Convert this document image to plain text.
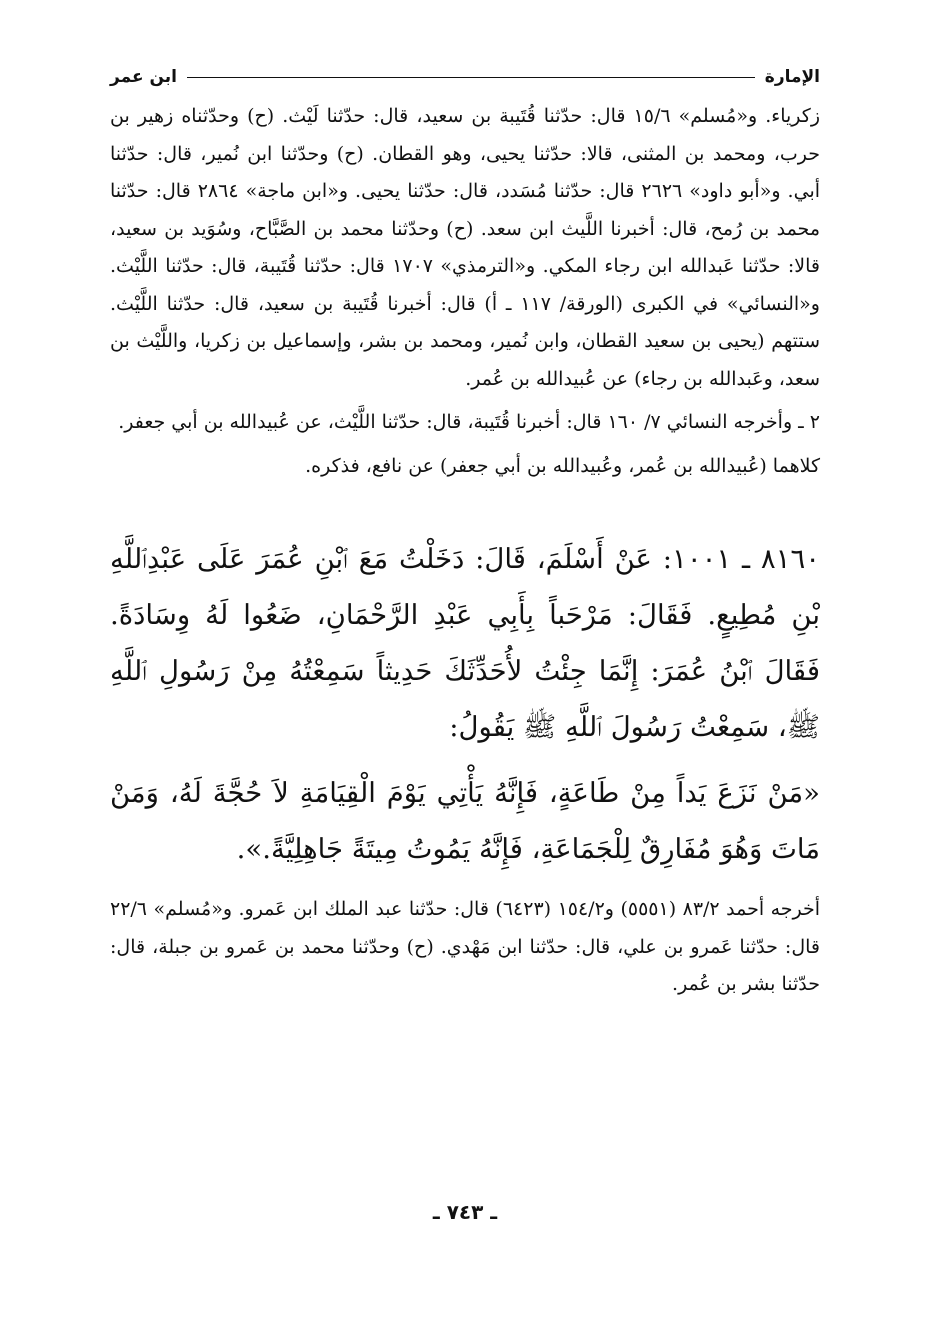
الإمارة
ابن عمر

زكرياء. و«مُسلم» ١٥/٦ قال: حدّثنا قُتَيبة بن سعيد، قال: حدّثنا لَيْث. (ح) وحدّثناه زهير بن حرب، ومحمد بن المثنى، قالا: حدّثنا يحيى، وهو القطان. (ح) وحدّثنا ابن نُمير، قال: حدّثنا أبي. و«أبو داود» ٢٦٢٦ قال: حدّثنا مُسَدد، قال: حدّثنا يحيى. و«ابن ماجة» ٢٨٦٤ قال: حدّثنا محمد بن رُمح، قال: أخبرنا اللَّيث ابن سعد. (ح) وحدّثنا محمد بن الصَّبَّاح، وسُوَيد بن سعيد، قالا: حدّثنا عَبدالله ابن رجاء المكي. و«الترمذي» ١٧٠٧ قال: حدّثنا قُتَيبة، قال: حدّثنا اللَّيْث. و«النسائي» في الكبرى (الورقة/ ١١٧ ـ أ) قال: أخبرنا قُتَيبة بن سعيد، قال: حدّثنا اللَّيْث. ستتهم (يحيى بن سعيد القطان، وابن نُمير، ومحمد بن بشر، وإسماعيل بن زكريا، واللَّيْث بن سعد، وعَبدالله بن رجاء) عن عُبيدالله بن عُمر.

٢ ـ وأخرجه النسائي ٧/ ١٦٠ قال: أخبرنا قُتَيبة، قال: حدّثنا اللَّيْث، عن عُبيدالله بن أبي جعفر.

كلاهما (عُبيدالله بن عُمر، وعُبيدالله بن أبي جعفر) عن نافع، فذكره.

٨١٦٠ ـ ١٠٠١: عَنْ أَسْلَمَ، قَالَ: دَخَلْتُ مَعَ ٱبْنِ عُمَرَ عَلَى عَبْدِٱللَّهِ بْنِ مُطِيعٍ. فَقَالَ: مَرْحَباً بِأَبِي عَبْدِ الرَّحْمَانِ، ضَعُوا لَهُ وِسَادَةً. فَقَالَ ٱبْنُ عُمَرَ: إِنَّمَا جِئْتُ لأُحَدِّثَكَ حَدِيثاً سَمِعْتُهُ مِنْ رَسُولِ ٱللَّهِ ﷺ، سَمِعْتُ رَسُولَ ٱللَّهِ ﷺ يَقُولُ:

«مَنْ نَزَعَ يَداً مِنْ طَاعَةٍ، فَإِنَّهُ يَأْتِي يَوْمَ الْقِيَامَةِ لاَ حُجَّةَ لَهُ، وَمَنْ مَاتَ وَهُوَ مُفَارِقٌ لِلْجَمَاعَةِ، فَإِنَّهُ يَمُوتُ مِيتَةً جَاهِلِيَّةً.».

أخرجه أحمد ٨٣/٢ (٥٥٥١) و١٥٤/٢ (٦٤٢٣) قال: حدّثنا عبد الملك ابن عَمرو. و«مُسلم» ٢٢/٦ قال: حدّثنا عَمرو بن علي، قال: حدّثنا ابن مَهْدي. (ح) وحدّثنا محمد بن عَمرو بن جبلة، قال: حدّثنا بشر بن عُمر.

ـ ٧٤٣ ـ
